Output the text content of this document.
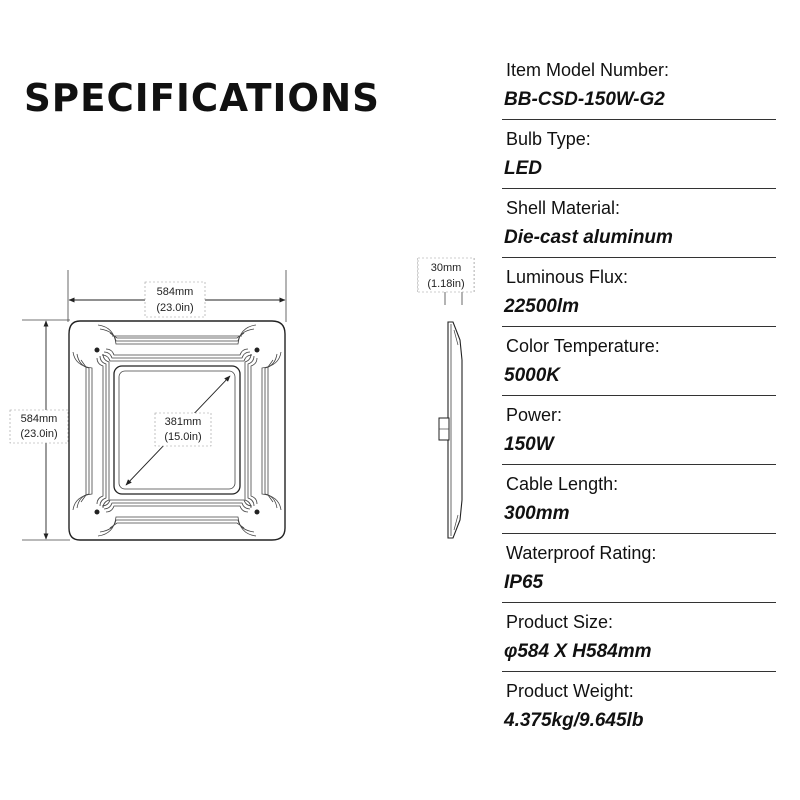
SPECIFICATIONS
Item Model Number:
BB-CSD-150W-G2
Bulb Type:
LED
Shell Material:
Die-cast aluminum
Luminous Flux:
22500lm
Color Temperature:
5000K
Power:
150W
Cable Length:
300mm
Waterproof Rating:
IP65
Product Size:
φ584 X H584mm
Product Weight:
4.375kg/9.645lb
584mm
(23.0in)
584mm
(23.0in)
381mm
(15.0in)
30mm
(1.18in)
